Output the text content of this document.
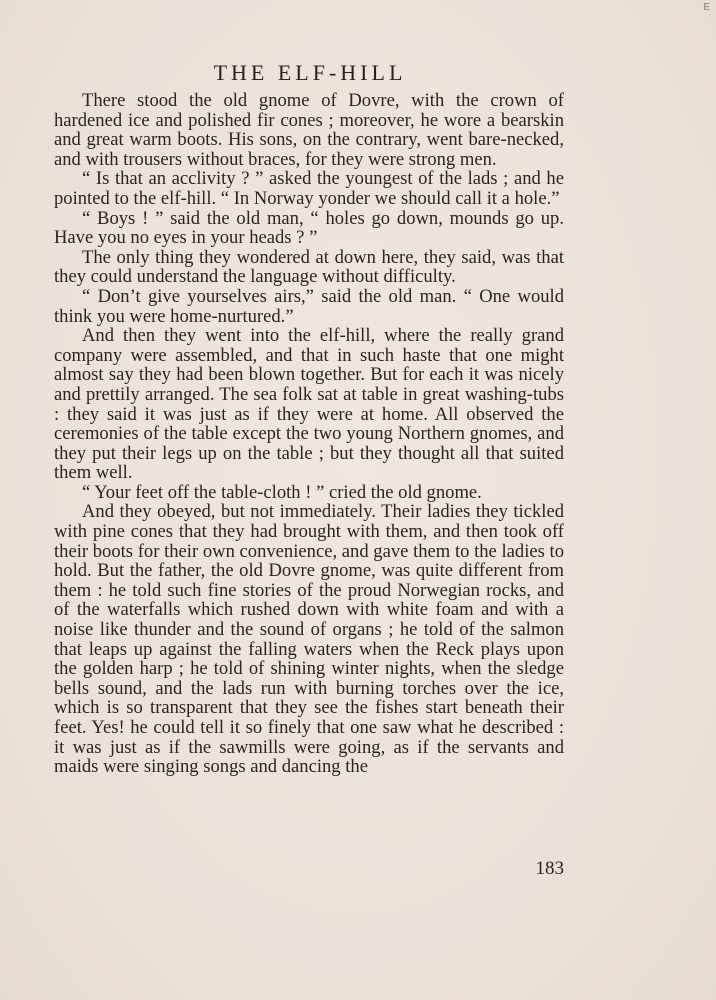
E
THE ELF-HILL

There stood the old gnome of Dovre, with the crown of hardened ice and polished fir cones ; moreover, he wore a bearskin and great warm boots. His sons, on the contrary, went bare-necked, and with trousers without braces, for they were strong men.

“ Is that an acclivity ? ” asked the youngest of the lads ; and he pointed to the elf-hill. “ In Norway yonder we should call it a hole.”

“ Boys ! ” said the old man, “ holes go down, mounds go up. Have you no eyes in your heads ? ”

The only thing they wondered at down here, they said, was that they could understand the language without difficulty.

“ Don’t give yourselves airs,” said the old man. “ One would think you were home-nurtured.”

And then they went into the elf-hill, where the really grand company were assembled, and that in such haste that one might almost say they had been blown together. But for each it was nicely and prettily arranged. The sea folk sat at table in great washing-tubs : they said it was just as if they were at home. All observed the ceremonies of the table except the two young Northern gnomes, and they put their legs up on the table ; but they thought all that suited them well.

“ Your feet off the table-cloth ! ” cried the old gnome.

And they obeyed, but not immediately. Their ladies they tickled with pine cones that they had brought with them, and then took off their boots for their own convenience, and gave them to the ladies to hold. But the father, the old Dovre gnome, was quite different from them : he told such fine stories of the proud Norwegian rocks, and of the waterfalls which rushed down with white foam and with a noise like thunder and the sound of organs ; he told of the salmon that leaps up against the falling waters when the Reck plays upon the golden harp ; he told of shining winter nights, when the sledge bells sound, and the lads run with burning torches over the ice, which is so transparent that they see the fishes start beneath their feet. Yes! he could tell it so finely that one saw what he described : it was just as if the sawmills were going, as if the servants and maids were singing songs and dancing the

183
